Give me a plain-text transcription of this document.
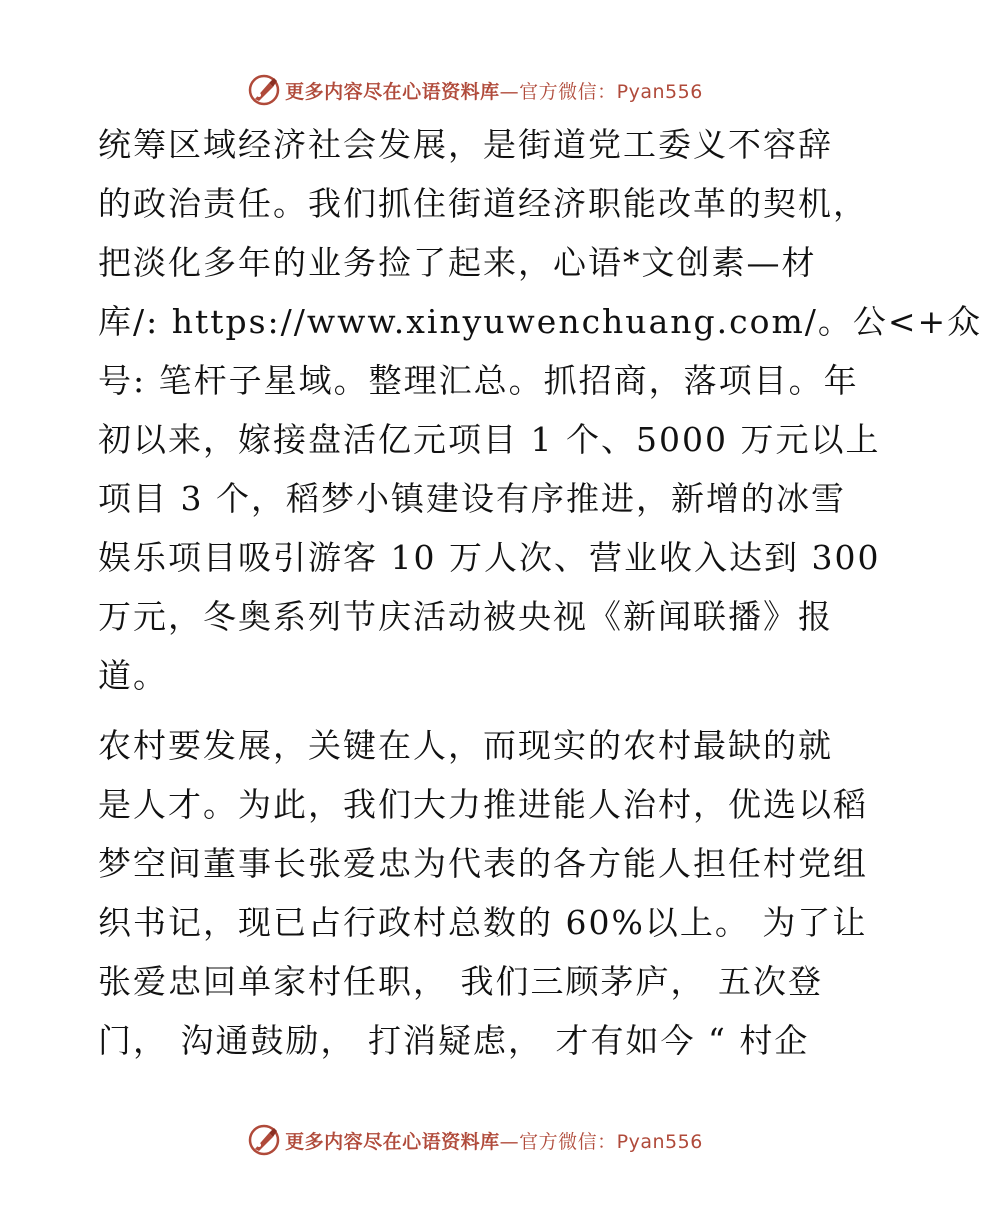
更多内容尽在心语资料库—官方微信：Pyan556

统筹区域经济社会发展，是街道党工委义不容辞
的政治责任。我们抓住街道经济职能改革的契机，
把淡化多年的业务捡了起来，心语*文创素—材
库/: https://www.xinyuwenchuang.com/。公<+众
号: 笔杆子星域。整理汇总。抓招商，落项目。年
初以来，嫁接盘活亿元项目 1 个、5000 万元以上
项目 3 个，稻梦小镇建设有序推进，新增的冰雪
娱乐项目吸引游客 10 万人次、营业收入达到 300
万元，冬奥系列节庆活动被央视《新闻联播》报
道。

农村要发展，关键在人，而现实的农村最缺的就
是人才。为此，我们大力推进能人治村，优选以稻
梦空间董事长张爱忠为代表的各方能人担任村党组
织书记，现已占行政村总数的 60%以上。 为了让
张爱忠回单家村任职， 我们三顾茅庐， 五次登
门， 沟通鼓励， 打消疑虑， 才有如今 “ 村企

更多内容尽在心语资料库—官方微信：Pyan556
